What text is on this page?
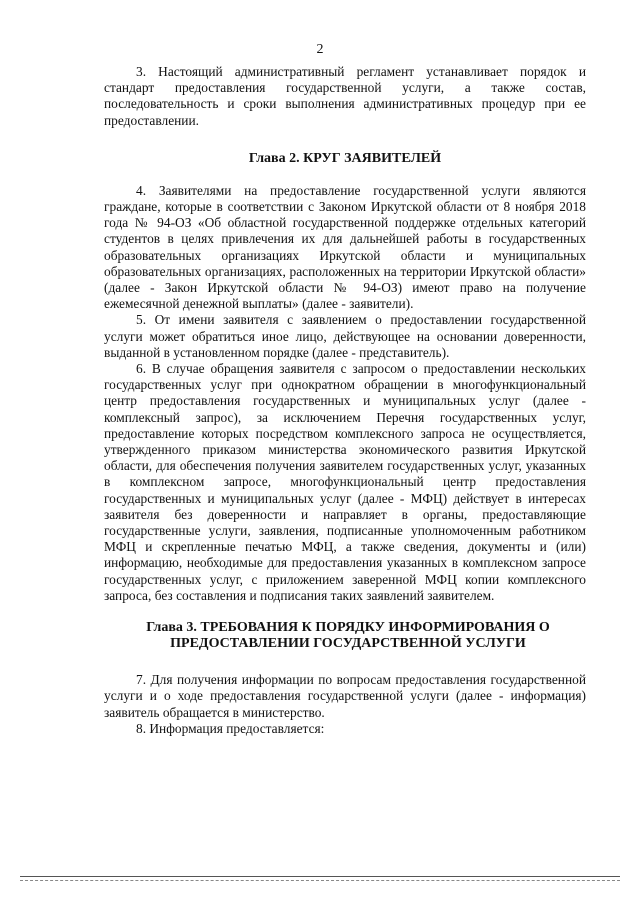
2

3. Настоящий административный регламент устанавливает порядок и стандарт предоставления государственной услуги, а также состав, последовательность и сроки выполнения административных процедур при ее предоставлении.

Глава 2. КРУГ ЗАЯВИТЕЛЕЙ

4. Заявителями на предоставление государственной услуги являются граждане, которые в соответствии с Законом Иркутской области от 8 ноября 2018 года № 94-ОЗ «Об областной государственной поддержке отдельных категорий студентов в целях привлечения их для дальнейшей работы в государственных образовательных организациях Иркутской области и муниципальных образовательных организациях, расположенных на территории Иркутской области» (далее - Закон Иркутской области № 94-ОЗ) имеют право на получение ежемесячной денежной выплаты» (далее - заявители).

5. От имени заявителя с заявлением о предоставлении государственной услуги может обратиться иное лицо, действующее на основании доверенности, выданной в установленном порядке (далее - представитель).

6. В случае обращения заявителя с запросом о предоставлении нескольких государственных услуг при однократном обращении в многофункциональный центр предоставления государственных и муниципальных услуг (далее - комплексный запрос), за исключением Перечня государственных услуг, предоставление которых посредством комплексного запроса не осуществляется, утвержденного приказом министерства экономического развития Иркутской области, для обеспечения получения заявителем государственных услуг, указанных в комплексном запросе, многофункциональный центр предоставления государственных и муниципальных услуг (далее - МФЦ) действует в интересах заявителя без доверенности и направляет в органы, предоставляющие государственные услуги, заявления, подписанные уполномоченным работником МФЦ и скрепленные печатью МФЦ, а также сведения, документы и (или) информацию, необходимые для предоставления указанных в комплексном запросе государственных услуг, с приложением заверенной МФЦ копии комплексного запроса, без составления и подписания таких заявлений заявителем.

Глава 3. ТРЕБОВАНИЯ К ПОРЯДКУ ИНФОРМИРОВАНИЯ О ПРЕДОСТАВЛЕНИИ ГОСУДАРСТВЕННОЙ УСЛУГИ

7. Для получения информации по вопросам предоставления государственной услуги и о ходе предоставления государственной услуги (далее - информация) заявитель обращается в министерство.

8. Информация предоставляется:
